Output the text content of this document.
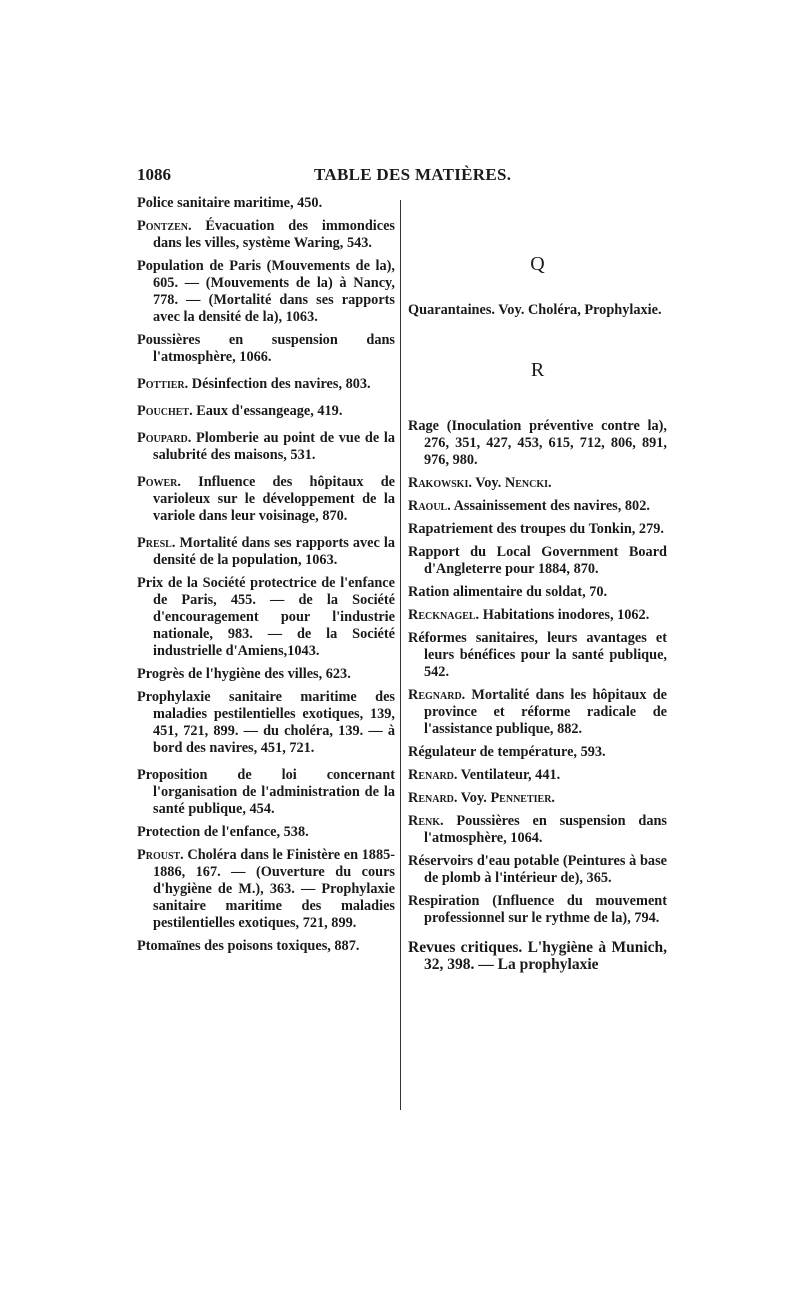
1086	TABLE DES MATIÈRES.
Police sanitaire maritime, 450.
Pontzen. Évacuation des immondices dans les villes, système Waring, 543.
Population de Paris (Mouvements de la), 605. — (Mouvements de la) à Nancy, 778. — (Mortalité dans ses rapports avec la densité de la), 1063.
Poussières en suspension dans l'atmosphère, 1066.
Pottier. Désinfection des navires, 803.
Pouchet. Eaux d'essangeage, 419.
Poupard. Plomberie au point de vue de la salubrité des maisons, 531.
Power. Influence des hôpitaux de varioleux sur le développement de la variole dans leur voisinage, 870.
Presl. Mortalité dans ses rapports avec la densité de la population, 1063.
Prix de la Société protectrice de l'enfance de Paris, 455. — de la Société d'encouragement pour l'industrie nationale, 983. — de la Société industrielle d'Amiens,1043.
Progrès de l'hygiène des villes, 623.
Prophylaxie sanitaire maritime des maladies pestilentielles exotiques, 139, 451, 721, 899. — du choléra, 139. — à bord des navires, 451, 721.
Proposition de loi concernant l'organisation de l'administration de la santé publique, 454.
Protection de l'enfance, 538.
Proust. Choléra dans le Finistère en 1885-1886, 167. — (Ouverture du cours d'hygiène de M.), 363. — Prophylaxie sanitaire maritime des maladies pestilentielles exotiques, 721, 899.
Ptomaïnes des poisons toxiques, 887.
Q
Quarantaines. Voy. Choléra, Prophylaxie.
R
Rage (Inoculation préventive contre la), 276, 351, 427, 453, 615, 712, 806, 891, 976, 980.
Rakowski. Voy. Nencki.
Raoul. Assainissement des navires, 802.
Rapatriement des troupes du Tonkin, 279.
Rapport du Local Government Board d'Angleterre pour 1884, 870.
Ration alimentaire du soldat, 70.
Recknagel. Habitations inodores, 1062.
Réformes sanitaires, leurs avantages et leurs bénéfices pour la santé publique, 542.
Regnard. Mortalité dans les hôpitaux de province et réforme radicale de l'assistance publique, 882.
Régulateur de température, 593.
Renard. Ventilateur, 441.
Renard. Voy. Pennetier.
Renk. Poussières en suspension dans l'atmosphère, 1064.
Réservoirs d'eau potable (Peintures à base de plomb à l'intérieur de), 365.
Respiration (Influence du mouvement professionnel sur le rythme de la), 794.
Revues critiques. L'hygiène à Munich, 32, 398. — La prophylaxie
